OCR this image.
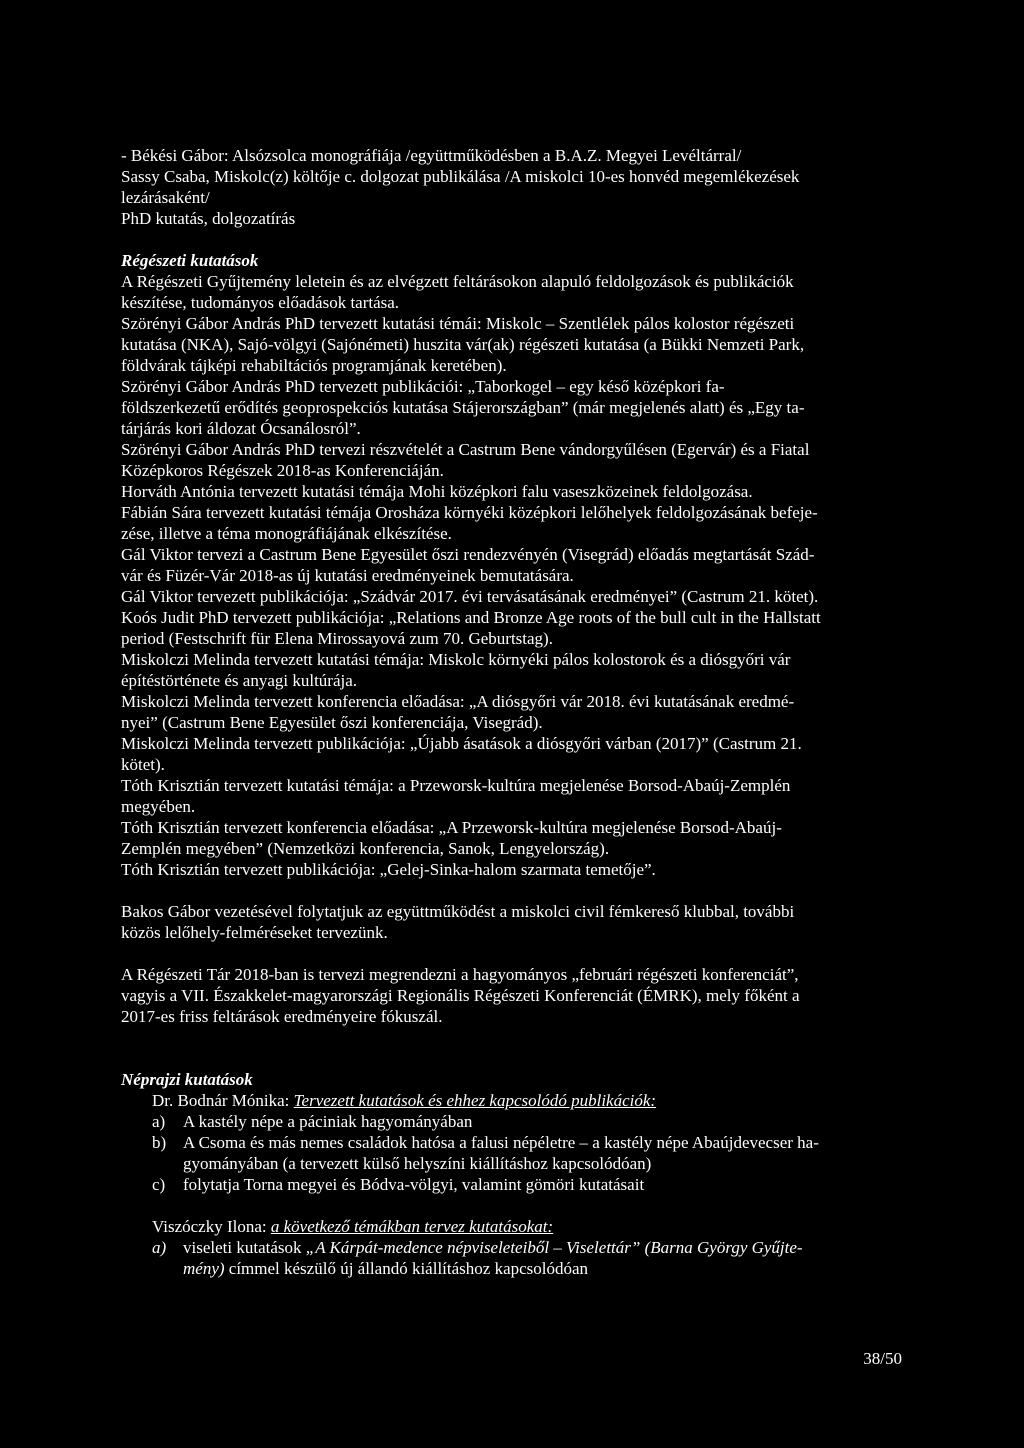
- Békési Gábor: Alsózsolca monográfiája /együttműködésben a B.A.Z. Megyei Levéltárral/
Sassy Csaba, Miskolc(z) költője c. dolgozat publikálása /A miskolci 10-es honvéd megemlékezések
lezárásaként/
PhD kutatás, dolgozatírás
Régészeti kutatások
A Régészeti Gyűjtemény leletein és az elvégzett feltárásokon alapuló feldolgozások és publikációk
készítése, tudományos előadások tartása.
Szörényi Gábor András PhD tervezett kutatási témái: Miskolc – Szentlélek pálos kolostor régészeti
kutatása (NKA), Sajó-völgyi (Sajónémeti) huszita vár(ak) régészeti kutatása (a Bükki Nemzeti Park,
földvárak tájképi rehabiltációs programjának keretében).
Szörényi Gábor András PhD tervezett publikációi: „Taborkogel – egy késő középkori fa-
földszerkezetű erődítés geoprospekciós kutatása Stájerországban” (már megjelenés alatt) és „Egy ta-
tárjárás kori áldozat Ócsanálosról”.
Szörényi Gábor András PhD tervezi részvételét a Castrum Bene vándorgyűlésen (Egervár) és a Fiatal
Középkoros Régészek 2018-as Konferenciáján.
Horváth Antónia tervezett kutatási témája Mohi középkori falu vaseszközeinek feldolgozása.
Fábián Sára tervezett kutatási témája Orosháza környéki középkori lelőhelyek feldolgozásának befeje-
zése, illetve a téma monográfiájának elkészítése.
Gál Viktor tervezi a Castrum Bene Egyesület őszi rendezvényén (Visegrád) előadás megtartását Szád-
vár és Füzér-Vár 2018-as új kutatási eredményeinek bemutatására.
Gál Viktor tervezett publikációja: „Szádvár 2017. évi tervásatásának eredményei” (Castrum 21. kötet).
Koós Judit PhD tervezett publikációja: „Relations and Bronze Age roots of the bull cult in the Hallstatt
period (Festschrift für Elena Mirossayová zum 70. Geburtstag).
Miskolczi Melinda tervezett kutatási témája: Miskolc környéki pálos kolostorok és a diósgyőri vár
építéstörténete és anyagi kultúrája.
Miskolczi Melinda tervezett konferencia előadása: „A diósgyőri vár 2018. évi kutatásának eredmé-
nyei” (Castrum Bene Egyesület őszi konferenciája, Visegrád).
Miskolczi Melinda tervezett publikációja: „Újabb ásatások a diósgyőri várban (2017)” (Castrum 21.
kötet).
Tóth Krisztián tervezett kutatási témája: a Przeworsk-kultúra megjelenése Borsod-Abaúj-Zemplén
megyében.
Tóth Krisztián tervezett konferencia előadása: „A Przeworsk-kultúra megjelenése Borsod-Abaúj-
Zemplén megyében” (Nemzetközi konferencia, Sanok, Lengyelország).
Tóth Krisztián tervezett publikációja: „Gelej-Sinka-halom szarmata temetője”.
Bakos Gábor vezetésével folytatjuk az együttműködést a miskolci civil fémkereső klubbal, további
közös lelőhely-felméréseket tervezünk.
A Régészeti Tár 2018-ban is tervezi megrendezni a hagyományos „februári régészeti konferenciát”,
vagyis a VII. Északkelet-magyarországi Regionális Régészeti Konferenciát (ÉMRK), mely főként a
2017-es friss feltárások eredményeire fókuszál.
Néprajzi kutatások
Dr. Bodnár Mónika: Tervezett kutatások és ehhez kapcsolódó publikációk:
a)	A kastély népe a páciniak hagyományában
b) A Csoma és más nemes családok hatósa a falusi népéletre – a kastély népe Abaújdevecser ha-
gyományában (a tervezett külső helyszíni kiállításhoz kapcsolódóan)
c)	folytatja Torna megyei és Bódva-völgyi, valamint gömöri kutatásait
Viszóczky Ilona: a következő témákban tervez kutatásokat:
a) viseleti kutatások „A Kárpát-medence népviseleteiből – Viselettár” (Barna György Gyűjte-
mény) címmel készülő új állandó kiállításhoz kapcsolódóan
38/50
